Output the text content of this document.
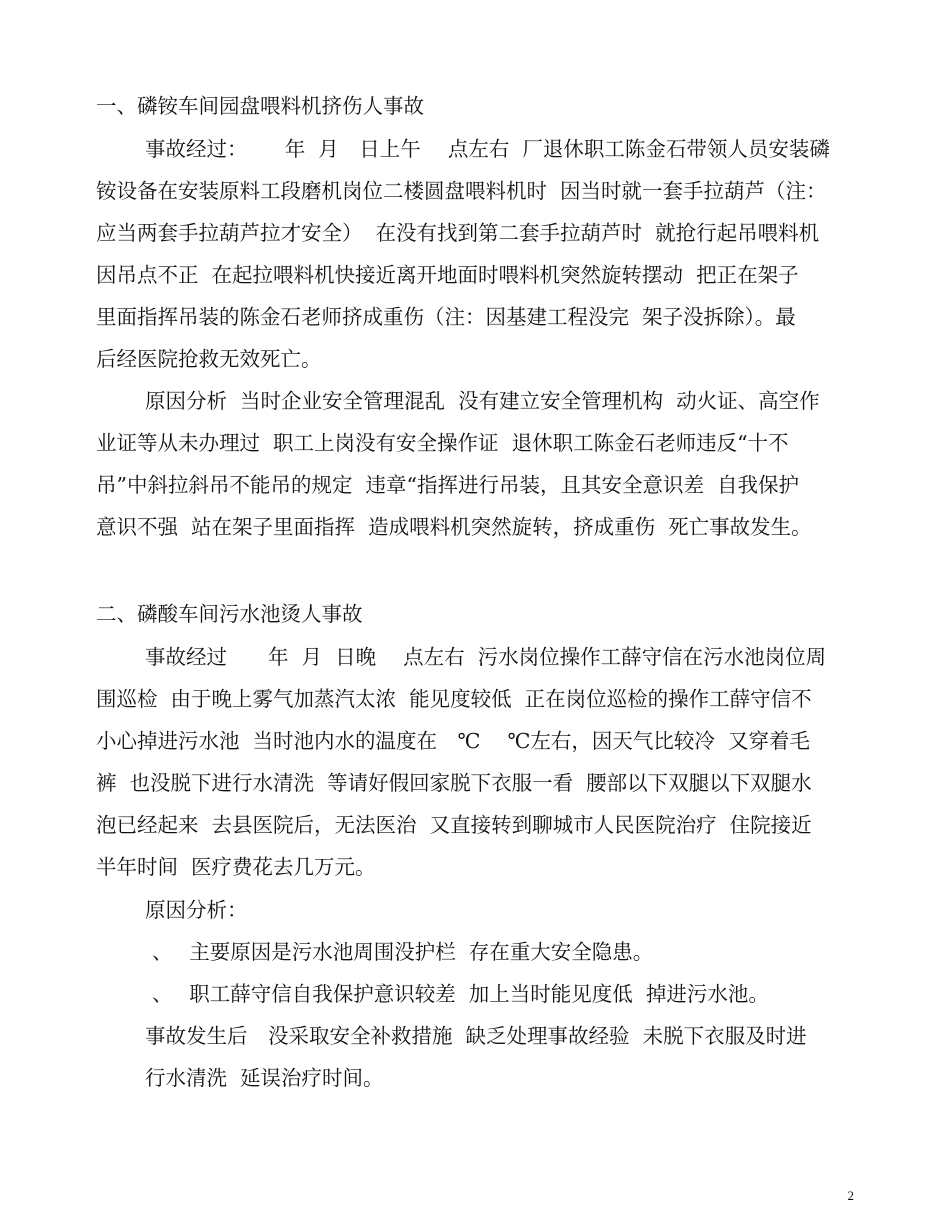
一、磷铵车间园盘喂料机挤伤人事故
事故经过：　　 年  月　日上午　 点左右  厂退休职工陈金石带领人员安装磷
铵设备在安装原料工段磨机岗位二楼圆盘喂料机时  因当时就一套手拉葫芦（注：
应当两套手拉葫芦拉才安全）  在没有找到第二套手拉葫芦时  就抢行起吊喂料机
因吊点不正  在起拉喂料机快接近离开地面时喂料机突然旋转摆动  把正在架子
里面指挥吊装的陈金石老师挤成重伤（注：因基建工程没完  架子没拆除）。最
后经医院抢救无效死亡。
原因分析  当时企业安全管理混乱  没有建立安全管理机构  动火证、高空作
业证等从未办理过  职工上岗没有安全操作证  退休职工陈金石老师违反“十不
吊”中斜拉斜吊不能吊的规定  违章“指挥进行吊装，且其安全意识差  自我保护
意识不强  站在架子里面指挥  造成喂料机突然旋转，挤成重伤  死亡事故发生。
二、磷酸车间污水池烫人事故
事故经过　　年  月  日晚　 点左右  污水岗位操作工薛守信在污水池岗位周
围巡检  由于晚上雾气加蒸汽太浓  能见度较低  正在岗位巡检的操作工薛守信不
小心掉进污水池  当时池内水的温度在　℃　 ℃左右，因天气比较冷  又穿着毛
裤  也没脱下进行水清洗  等请好假回家脱下衣服一看  腰部以下双腿以下双腿水
泡已经起来  去县医院后，无法医治  又直接转到聊城市人民医院治疗  住院接近
半年时间  医疗费花去几万元。
原因分析：
、　 主要原因是污水池周围没护栏  存在重大安全隐患。
、　 职工薛守信自我保护意识较差  加上当时能见度低  掉进污水池。
事故发生后　没采取安全补救措施  缺乏处理事故经验  未脱下衣服及时进
行水清洗  延误治疗时间。
2
